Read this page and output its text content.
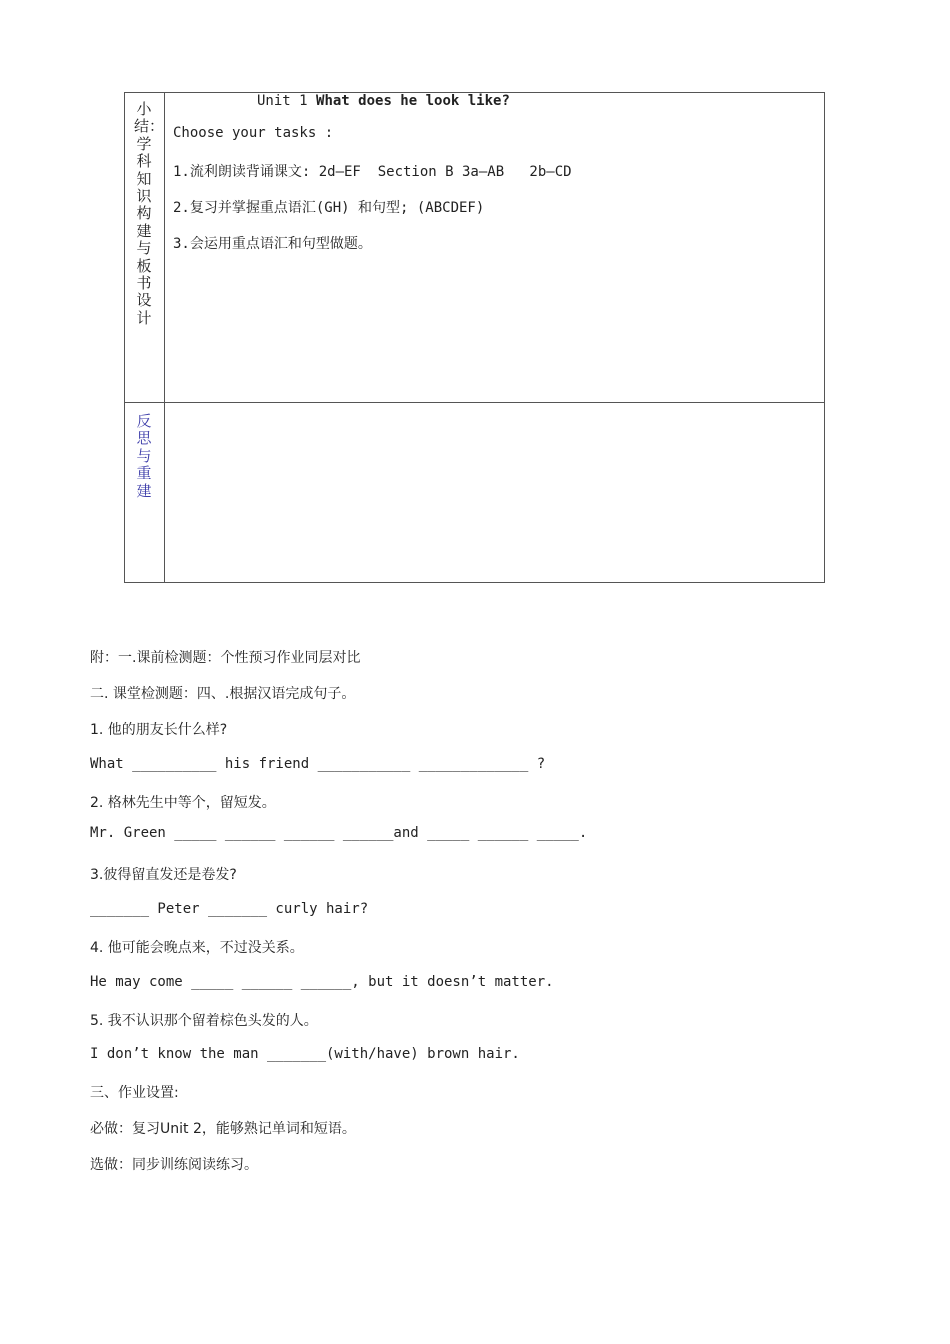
小结：学科知识构建与板书设计
Unit 1 What does he look like?
Choose your tasks :
1.流利朗读背诵课文: 2d—EF  Section B 3a—AB   2b—CD
2.复习并掌握重点语汇(GH) 和句型; (ABCDEF)
3.会运用重点语汇和句型做题。
反思与重建
附：一.课前检测题：个性预习作业同层对比
二. 课堂检测题：四、.根据汉语完成句子。
1. 他的朋友长什么样?
What __________ his friend ___________ _____________ ?
2. 格林先生中等个，留短发。
Mr. Green _____ ______ ______ ______and _____ ______ _____.
3.彼得留直发还是卷发?
_______ Peter _______ curly hair?
4. 他可能会晚点来，不过没关系。
He may come _____ ______ ______, but it doesn’t matter.
5. 我不认识那个留着棕色头发的人。
I don’t know the man _______(with/have) brown hair.
三、作业设置:
必做：复习Unit 2，能够熟记单词和短语。
选做：同步训练阅读练习。
